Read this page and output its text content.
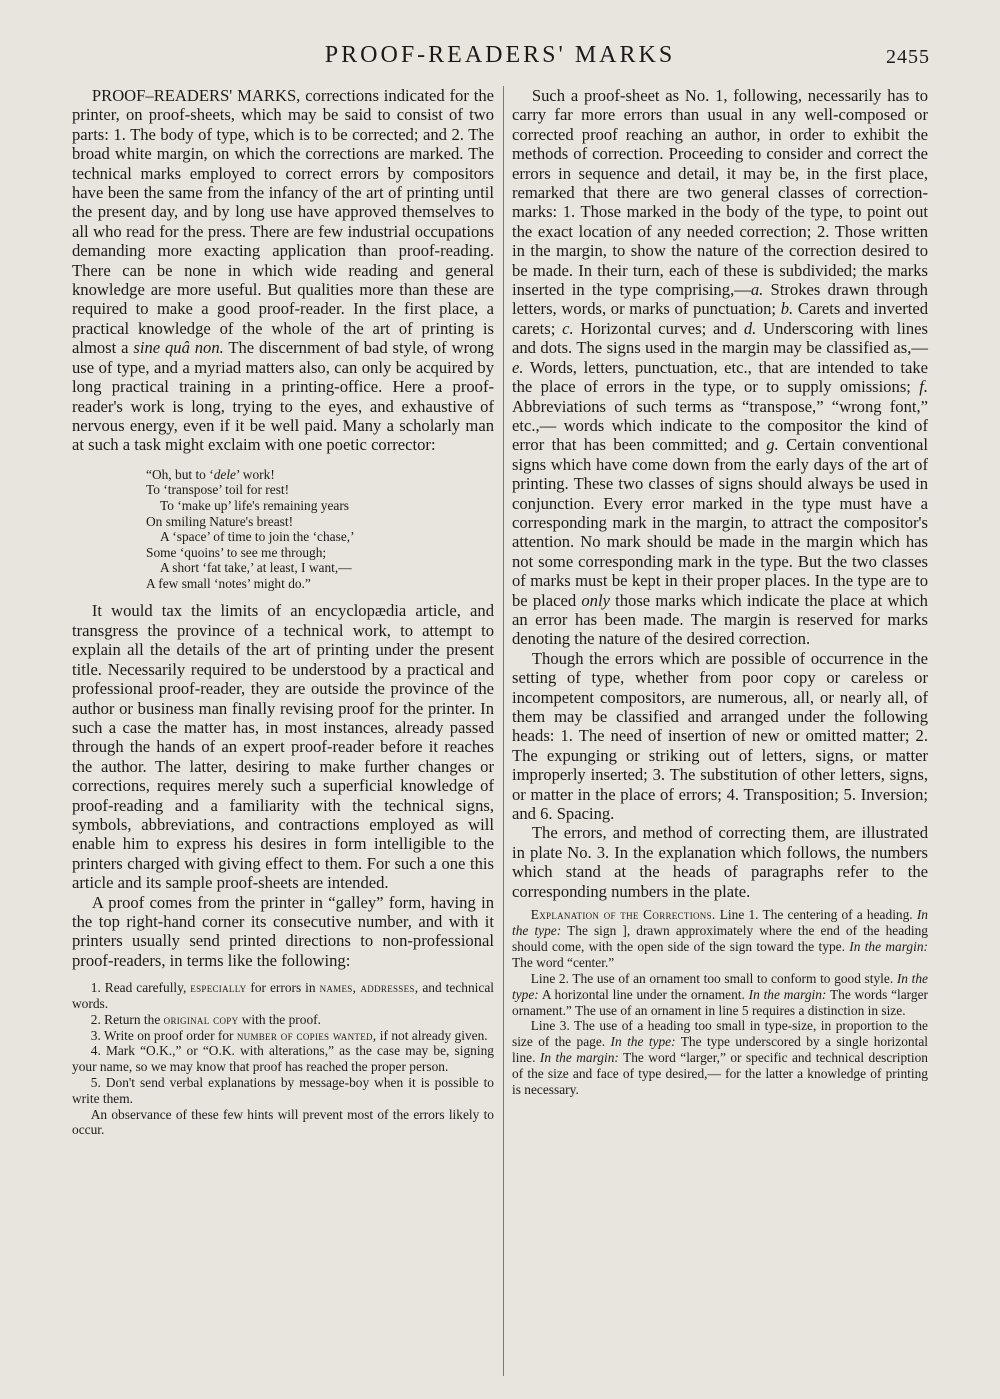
PROOF-READERS' MARKS	2455

PROOF–READERS' MARKS, corrections indicated for the printer, on proof-sheets, which may be said to consist of two parts: 1. The body of type, which is to be corrected; and 2. The broad white margin, on which the corrections are marked. The technical marks employed to correct errors by compositors have been the same from the infancy of the art of printing until the present day, and by long use have approved themselves to all who read for the press. There are few industrial occupations demanding more exacting application than proof-reading. There can be none in which wide reading and general knowledge are more useful. But qualities more than these are required to make a good proof-reader. In the first place, a practical knowledge of the whole of the art of printing is almost a sine quâ non. The discernment of bad style, of wrong use of type, and a myriad matters also, can only be acquired by long practical training in a printing-office. Here a proof-reader's work is long, trying to the eyes, and exhaustive of nervous energy, even if it be well paid. Many a scholarly man at such a task might exclaim with one poetic corrector:

“Oh, but to ‘dele’ work!
To ‘transpose’ toil for rest!
To ‘make up’ life's remaining years
On smiling Nature's breast!
A ‘space’ of time to join the ‘chase,’
Some ‘quoins’ to see me through;
A short ‘fat take,’ at least, I want,—
A few small ‘notes’ might do.”

It would tax the limits of an encyclopædia article, and transgress the province of a technical work, to attempt to explain all the details of the art of printing under the present title. Necessarily required to be understood by a practical and professional proof-reader, they are outside the province of the author or business man finally revising proof for the printer. In such a case the matter has, in most instances, already passed through the hands of an expert proof-reader before it reaches the author. The latter, desiring to make further changes or corrections, requires merely such a superficial knowledge of proof-reading and a familiarity with the technical signs, symbols, abbreviations, and contractions employed as will enable him to express his desires in form intelligible to the printers charged with giving effect to them. For such a one this article and its sample proof-sheets are intended.

A proof comes from the printer in “galley” form, having in the top right-hand corner its consecutive number, and with it printers usually send printed directions to non-professional proof-readers, in terms like the following:

1. Read carefully, especially for errors in names, addresses, and technical words.

2. Return the original copy with the proof.

3. Write on proof order for number of copies wanted, if not already given.

4. Mark “O.K.,” or “O.K. with alterations,” as the case may be, signing your name, so we may know that proof has reached the proper person.

5. Don't send verbal explanations by message-boy when it is possible to write them.

An observance of these few hints will prevent most of the errors likely to occur.

Such a proof-sheet as No. 1, following, necessarily has to carry far more errors than usual in any well-composed or corrected proof reaching an author, in order to exhibit the methods of correction. Proceeding to consider and correct the errors in sequence and detail, it may be, in the first place, remarked that there are two general classes of correction-marks: 1. Those marked in the body of the type, to point out the exact location of any needed correction; 2. Those written in the margin, to show the nature of the correction desired to be made. In their turn, each of these is subdivided; the marks inserted in the type comprising,—a. Strokes drawn through letters, words, or marks of punctuation; b. Carets and inverted carets; c. Horizontal curves; and d. Underscoring with lines and dots. The signs used in the margin may be classified as,— e. Words, letters, punctuation, etc., that are intended to take the place of errors in the type, or to supply omissions; f. Abbreviations of such terms as “transpose,” “wrong font,” etc.,— words which indicate to the compositor the kind of error that has been committed; and g. Certain conventional signs which have come down from the early days of the art of printing. These two classes of signs should always be used in conjunction. Every error marked in the type must have a corresponding mark in the margin, to attract the compositor's attention. No mark should be made in the margin which has not some corresponding mark in the type. But the two classes of marks must be kept in their proper places. In the type are to be placed only those marks which indicate the place at which an error has been made. The margin is reserved for marks denoting the nature of the desired correction.

Though the errors which are possible of occurrence in the setting of type, whether from poor copy or careless or incompetent compositors, are numerous, all, or nearly all, of them may be classified and arranged under the following heads: 1. The need of insertion of new or omitted matter; 2. The expunging or striking out of letters, signs, or matter improperly inserted; 3. The substitution of other letters, signs, or matter in the place of errors; 4. Transposition; 5. Inversion; and 6. Spacing.

The errors, and method of correcting them, are illustrated in plate No. 3. In the explanation which follows, the numbers which stand at the heads of paragraphs refer to the corresponding numbers in the plate.

Explanation of the Corrections. Line 1. The centering of a heading. In the type: The sign ], drawn approximately where the end of the heading should come, with the open side of the sign toward the type. In the margin: The word “center.”

Line 2. The use of an ornament too small to conform to good style. In the type: A horizontal line under the ornament. In the margin: The words “larger ornament.” The use of an ornament in line 5 requires a distinction in size.

Line 3. The use of a heading too small in type-size, in proportion to the size of the page. In the type: The type underscored by a single horizontal line. In the margin: The word “larger,” or specific and technical description of the size and face of type desired,— for the latter a knowledge of printing is necessary.
